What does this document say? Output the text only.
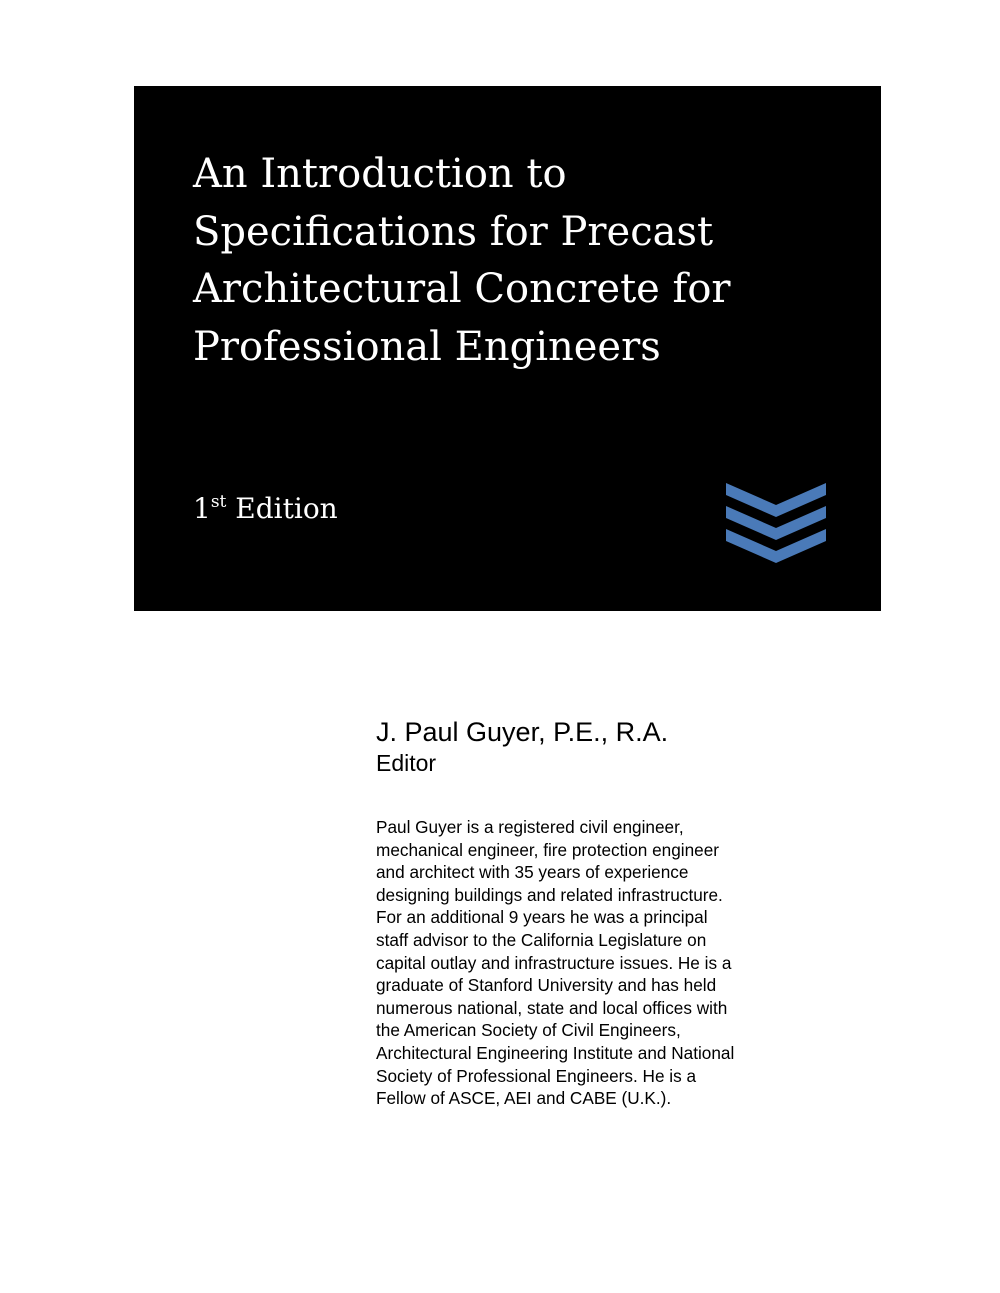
An Introduction to
Specifications for Precast
Architectural Concrete for
Professional Engineers
1st Edition
J. Paul Guyer, P.E., R.A.
Editor
Paul Guyer is a registered civil engineer,
mechanical engineer, fire protection engineer
and architect with 35 years of experience
designing buildings and related infrastructure.
For an additional 9 years he was a principal
staff advisor to the California Legislature on
capital outlay and infrastructure issues. He is a
graduate of Stanford University and has held
numerous national, state and local offices with
the American Society of Civil Engineers,
Architectural Engineering Institute and National
Society of Professional Engineers. He is a
Fellow of ASCE, AEI and CABE (U.K.).
